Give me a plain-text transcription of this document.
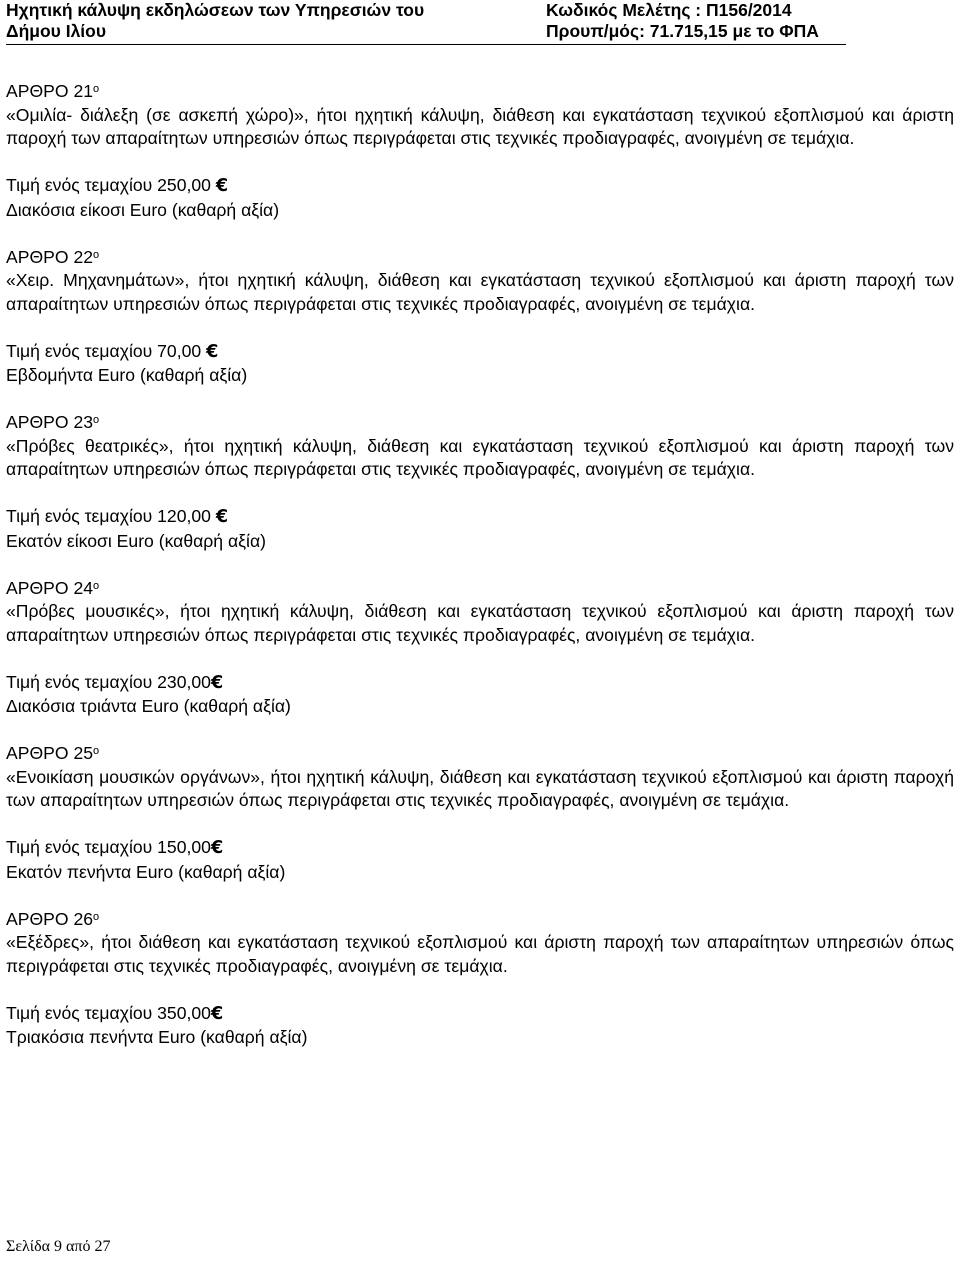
Ηχητική κάλυψη εκδηλώσεων των Υπηρεσιών του
Δήμου Ιλίου
Κωδικός Μελέτης : Π156/2014
Προυπ/μός: 71.715,15 με το ΦΠΑ
ΑΡΘΡΟ $21^o$

«Ομιλία- διάλεξη (σε ασκεπή χώρο)», ήτοι ηχητική κάλυψη, διάθεση και εγκατάσταση τεχνικού εξοπλισμού και άριστη παροχή των απαραίτητων υπηρεσιών όπως περιγράφεται στις τεχνικές προδιαγραφές, ανοιγμένη σε τεμάχια.

Τιμή ενός τεμαχίου 250,00 €
Διακόσια είκοσι Euro (καθαρή αξία)
ΑΡΘΡΟ $22^o$

«Χειρ. Μηχανημάτων», ήτοι ηχητική κάλυψη, διάθεση και εγκατάσταση τεχνικού εξοπλισμού και άριστη παροχή των απαραίτητων υπηρεσιών όπως περιγράφεται στις τεχνικές προδιαγραφές, ανοιγμένη σε τεμάχια.

Τιμή ενός τεμαχίου 70,00 €
Εβδομήντα Euro (καθαρή αξία)
ΑΡΘΡΟ $23^o$

«Πρόβες θεατρικές», ήτοι ηχητική κάλυψη, διάθεση και εγκατάσταση τεχνικού εξοπλισμού και άριστη παροχή των απαραίτητων υπηρεσιών όπως περιγράφεται στις τεχνικές προδιαγραφές, ανοιγμένη σε τεμάχια.

Τιμή ενός τεμαχίου 120,00 €
Εκατόν είκοσι Euro (καθαρή αξία)
ΑΡΘΡΟ $24^o$

«Πρόβες μουσικές», ήτοι ηχητική κάλυψη, διάθεση και εγκατάσταση τεχνικού εξοπλισμού και άριστη παροχή των απαραίτητων υπηρεσιών όπως περιγράφεται στις τεχνικές προδιαγραφές, ανοιγμένη σε τεμάχια.

Τιμή ενός τεμαχίου 230,00€
Διακόσια τριάντα Euro (καθαρή αξία)
ΑΡΘΡΟ $25^o$

«Ενοικίαση μουσικών οργάνων», ήτοι ηχητική κάλυψη, διάθεση και εγκατάσταση τεχνικού εξοπλισμού και άριστη παροχή των απαραίτητων υπηρεσιών όπως περιγράφεται στις τεχνικές προδιαγραφές, ανοιγμένη σε τεμάχια.

Τιμή ενός τεμαχίου 150,00€
Εκατόν πενήντα Euro (καθαρή αξία)
ΑΡΘΡΟ $26^o$

«Εξέδρες», ήτοι διάθεση και εγκατάσταση τεχνικού εξοπλισμού και άριστη παροχή των απαραίτητων υπηρεσιών όπως περιγράφεται στις τεχνικές προδιαγραφές, ανοιγμένη σε τεμάχια.

Τιμή ενός τεμαχίου 350,00€
Τριακόσια πενήντα Euro (καθαρή αξία)
Σελίδα 9 από 27
